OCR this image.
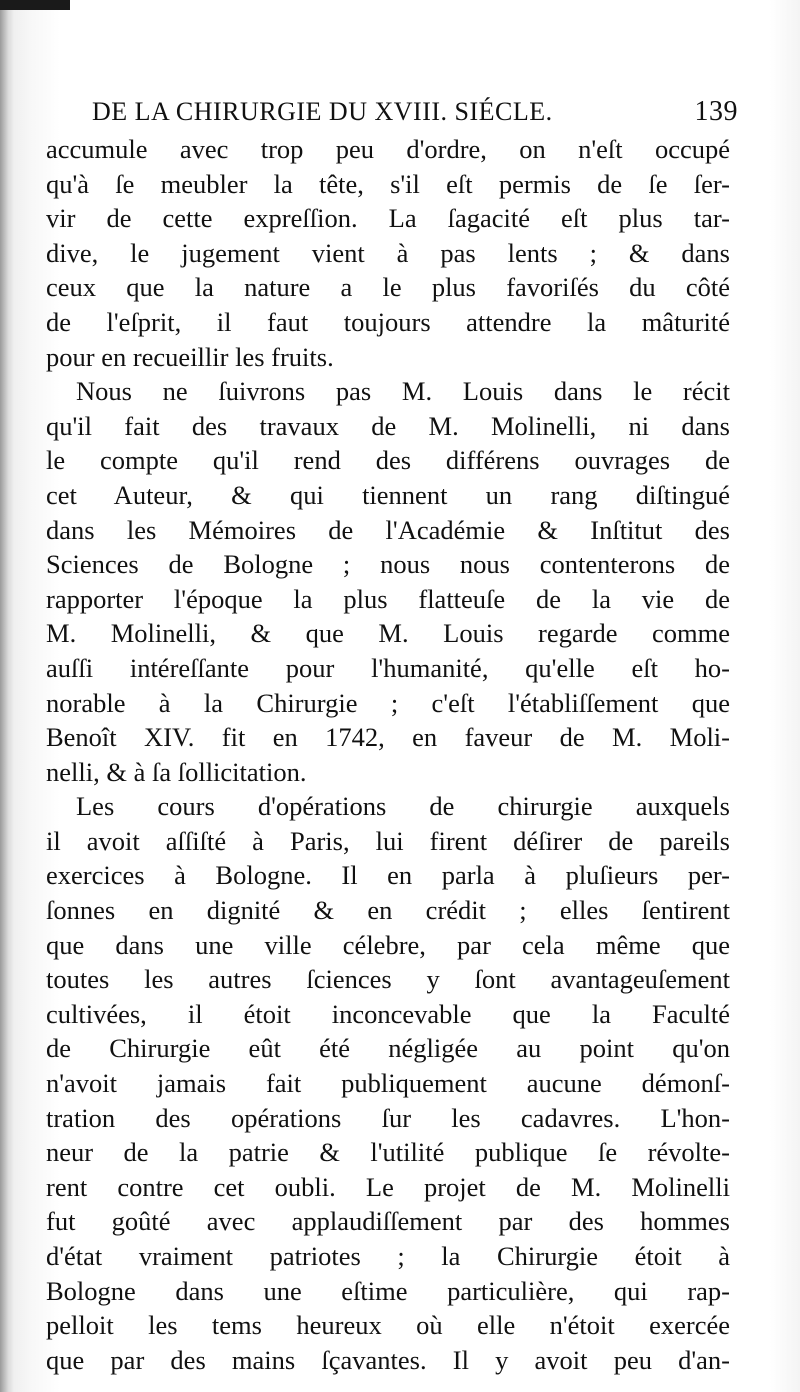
DE LA CHIRURGIE DU XVIII. SIÉCLE.	139
accumule avec trop peu d'ordre, on n'eſt occupé
qu'à ſe meubler la tête, s'il eſt permis de ſe ſer-
vir de cette expreſſion. La ſagacité eſt plus tar-
dive, le jugement vient à pas lents ; & dans
ceux que la nature a le plus favoriſés du côté
de l'eſprit, il faut toujours attendre la mâturité
pour en recueillir les fruits.
Nous ne ſuivrons pas M. Louis dans le récit
qu'il fait des travaux de M. Molinelli, ni dans
le compte qu'il rend des différens ouvrages de
cet Auteur, & qui tiennent un rang diſtingué
dans les Mémoires de l'Académie & Inſtitut des
Sciences de Bologne ; nous nous contenterons de
rapporter l'époque la plus flatteuſe de la vie de
M. Molinelli, & que M. Louis regarde comme
auſſi intéreſſante pour l'humanité, qu'elle eſt ho-
norable à la Chirurgie ; c'eſt l'établiſſement que
Benoît XIV. fit en 1742, en faveur de M. Moli-
nelli, & à ſa ſollicitation.
Les cours d'opérations de chirurgie auxquels
il avoit aſſiſté à Paris, lui firent déſirer de pareils
exercices à Bologne. Il en parla à pluſieurs per-
ſonnes en dignité & en crédit ; elles ſentirent
que dans une ville célebre, par cela même que
toutes les autres ſciences y ſont avantageuſement
cultivées, il étoit inconcevable que la Faculté
de Chirurgie eût été négligée au point qu'on
n'avoit jamais fait publiquement aucune démonſ-
tration des opérations ſur les cadavres. L'hon-
neur de la patrie & l'utilité publique ſe révolte-
rent contre cet oubli. Le projet de M. Molinelli
fut goûté avec applaudiſſement par des hommes
d'état vraiment patriotes ; la Chirurgie étoit à
Bologne dans une eſtime particulière, qui rap-
pelloit les tems heureux où elle n'étoit exercée
que par des mains ſçavantes. Il y avoit peu d'an-
